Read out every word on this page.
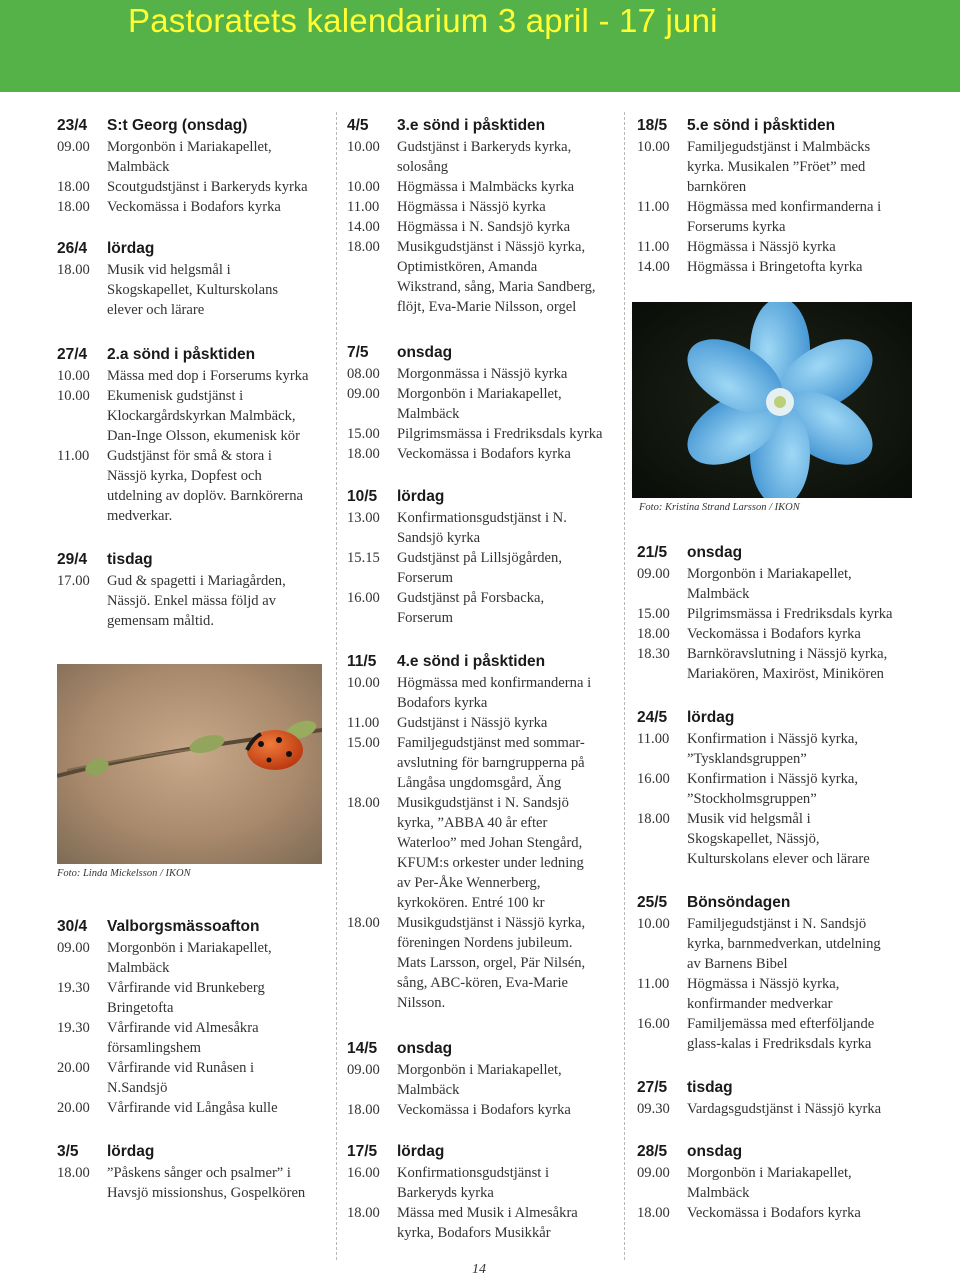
Pastoratets kalendarium 3 april - 17 juni
Foto: Linda Mickelsson / IKON
23/4	S:t Georg (onsdag)
09.00	Morgonbön i Mariakapellet,
Malmbäck
18.00	Scoutgudstjänst i Barkeryds kyrka
18.00	Veckomässa i Bodafors kyrka
26/4	lördag
18.00	Musik vid helgsmål i
Skogskapellet, Kulturskolans
elever och lärare
27/4	2.a sönd i påsktiden
10.00	Mässa med dop i Forserums kyrka
10.00	Ekumenisk gudstjänst i
Klockargårdskyrkan Malmbäck,
Dan-Inge Olsson, ekumenisk kör
11.00	Gudstjänst för små & stora i
Nässjö kyrka, Dopfest och
utdelning av doplöv. Barnkörerna
medverkar.
29/4	tisdag
17.00	Gud & spagetti i Mariagården,
Nässjö. Enkel mässa följd av
gemensam måltid.
30/4	Valborgsmässoafton
09.00	Morgonbön i Mariakapellet,
Malmbäck
19.30	Vårfirande vid Brunkeberg
Bringetofta
19.30	Vårfirande vid Almesåkra
församlingshem
20.00	Vårfirande vid Runåsen i
N.Sandsjö
20.00	Vårfirande vid Långåsa kulle
3/5	lördag
18.00	”Påskens sånger och psalmer” i
Havsjö missionshus, Gospelkören
4/5	3.e sönd i påsktiden
10.00	Gudstjänst i Barkeryds kyrka,
solosång
10.00	Högmässa i Malmbäcks kyrka
11.00	Högmässa i Nässjö kyrka
14.00	Högmässa i N. Sandsjö kyrka
18.00	Musikgudstjänst i Nässjö kyrka,
Optimistkören, Amanda
Wikstrand, sång, Maria Sandberg,
flöjt, Eva-Marie Nilsson, orgel
7/5	onsdag
08.00	Morgonmässa i Nässjö kyrka
09.00	Morgonbön i Mariakapellet,
Malmbäck
15.00	Pilgrimsmässa i Fredriksdals kyrka
18.00	Veckomässa i Bodafors kyrka
10/5	lördag
13.00	Konfirmationsgudstjänst i N.
Sandsjö kyrka
15.15	Gudstjänst på Lillsjögården,
Forserum
16.00	Gudstjänst på Forsbacka,
Forserum
11/5	4.e sönd i påsktiden
10.00	Högmässa med konfirmanderna i
Bodafors kyrka
11.00	Gudstjänst i Nässjö kyrka
15.00	Familjegudstjänst med sommar-
avslutning för barngrupperna på
Långåsa ungdomsgård, Äng
18.00	Musikgudstjänst i N. Sandsjö
kyrka, ”ABBA 40 år efter
Waterloo” med Johan Stengård,
KFUM:s orkester under ledning
av Per-Åke Wennerberg,
kyrkokören. Entré 100 kr
18.00	Musikgudstjänst i Nässjö kyrka,
föreningen Nordens jubileum.
Mats Larsson, orgel, Pär Nilsén,
sång, ABC-kören, Eva-Marie
Nilsson.
14/5	onsdag
09.00	Morgonbön i Mariakapellet,
Malmbäck
18.00	Veckomässa i Bodafors kyrka
17/5	lördag
16.00	Konfirmationsgudstjänst i
Barkeryds kyrka
18.00	Mässa med Musik i Almesåkra
kyrka, Bodafors Musikkår
Foto: Kristina Strand Larsson / IKON
18/5	5.e sönd i påsktiden
10.00	Familjegudstjänst i Malmbäcks
kyrka. Musikalen ”Fröet” med
barnkören
11.00	Högmässa med konfirmanderna i
Forserums kyrka
11.00	Högmässa i Nässjö kyrka
14.00	Högmässa i Bringetofta kyrka
21/5	onsdag
09.00	Morgonbön i Mariakapellet,
Malmbäck
15.00	Pilgrimsmässa i Fredriksdals kyrka
18.00	Veckomässa i Bodafors kyrka
18.30	Barnköravslutning i Nässjö kyrka,
Mariakören, Maxiröst, Minikören
24/5	lördag
11.00	Konfirmation i Nässjö kyrka,
”Tysklandsgruppen”
16.00	Konfirmation i Nässjö kyrka,
”Stockholmsgruppen”
18.00	Musik vid helgsmål i
Skogskapellet, Nässjö,
Kulturskolans elever och lärare
25/5	Bönsöndagen
10.00	Familjegudstjänst i N. Sandsjö
kyrka, barnmedverkan, utdelning
av Barnens Bibel
11.00	Högmässa i Nässjö kyrka,
konfirmander medverkar
16.00	Familjemässa med efterföljande
glass-kalas i Fredriksdals kyrka
27/5	tisdag
09.30	Vardagsgudstjänst i Nässjö kyrka
28/5	onsdag
09.00	Morgonbön i Mariakapellet,
Malmbäck
18.00	Veckomässa i Bodafors kyrka
14
